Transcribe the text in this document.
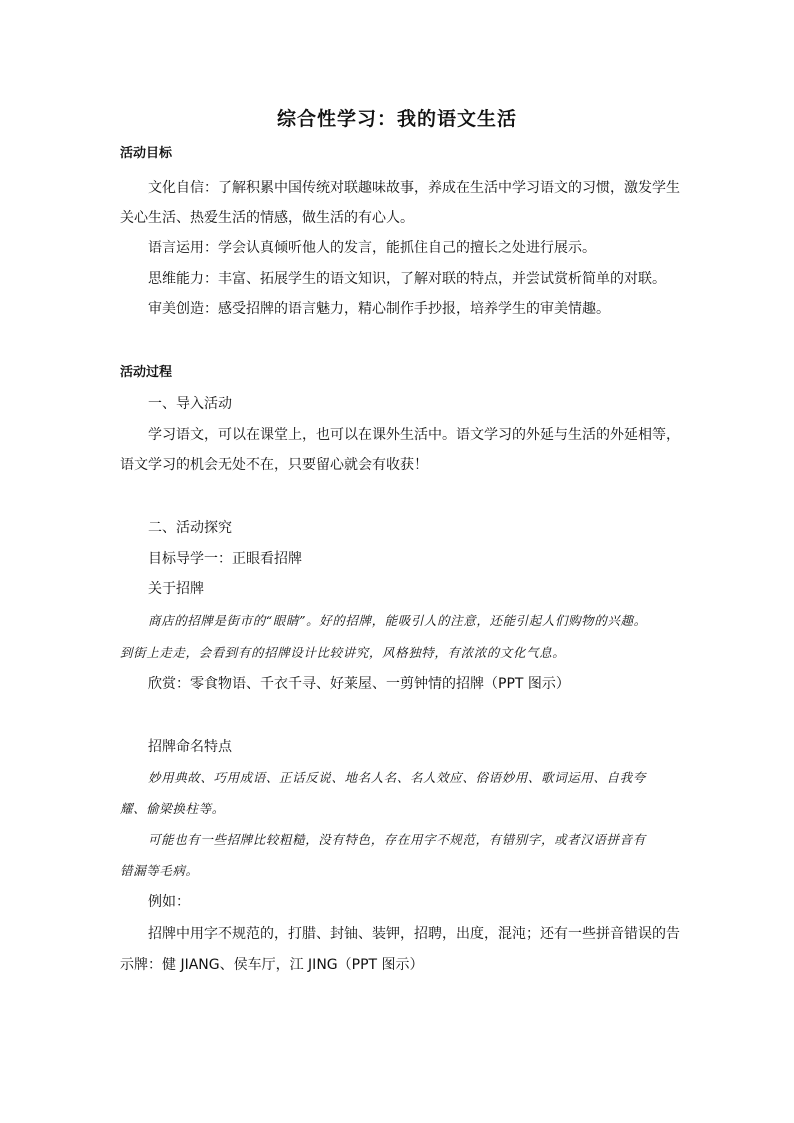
综合性学习：我的语文生活
活动目标
文化自信：了解积累中国传统对联趣味故事，养成在生活中学习语文的习惯，激发学生
关心生活、热爱生活的情感，做生活的有心人。
语言运用：学会认真倾听他人的发言，能抓住自己的擅长之处进行展示。
思维能力：丰富、拓展学生的语文知识，了解对联的特点，并尝试赏析简单的对联。
审美创造：感受招牌的语言魅力，精心制作手抄报，培养学生的审美情趣。
活动过程
一、导入活动
学习语文，可以在课堂上，也可以在课外生活中。语文学习的外延与生活的外延相等，
语文学习的机会无处不在，只要留心就会有收获！
二、活动探究
目标导学一：正眼看招牌
关于招牌
商店的招牌是街市的“眼睛”。好的招牌，能吸引人的注意，还能引起人们购物的兴趣。
到街上走走，会看到有的招牌设计比较讲究，风格独特，有浓浓的文化气息。
欣赏：零食物语、千衣千寻、好莱屋、一剪钟情的招牌（PPT 图示）
招牌命名特点
妙用典故、巧用成语、正话反说、地名人名、名人效应、俗语妙用、歌词运用、自我夸
耀、偷梁换柱等。
可能也有一些招牌比较粗糙，没有特色，存在用字不规范，有错别字，或者汉语拼音有
错漏等毛病。
例如：
招牌中用字不规范的，打腊、封铀、装钾，招聘，出度，混沌；还有一些拼音错误的告
示牌：健 JIANG、侯车厅，江 JING（PPT 图示）
